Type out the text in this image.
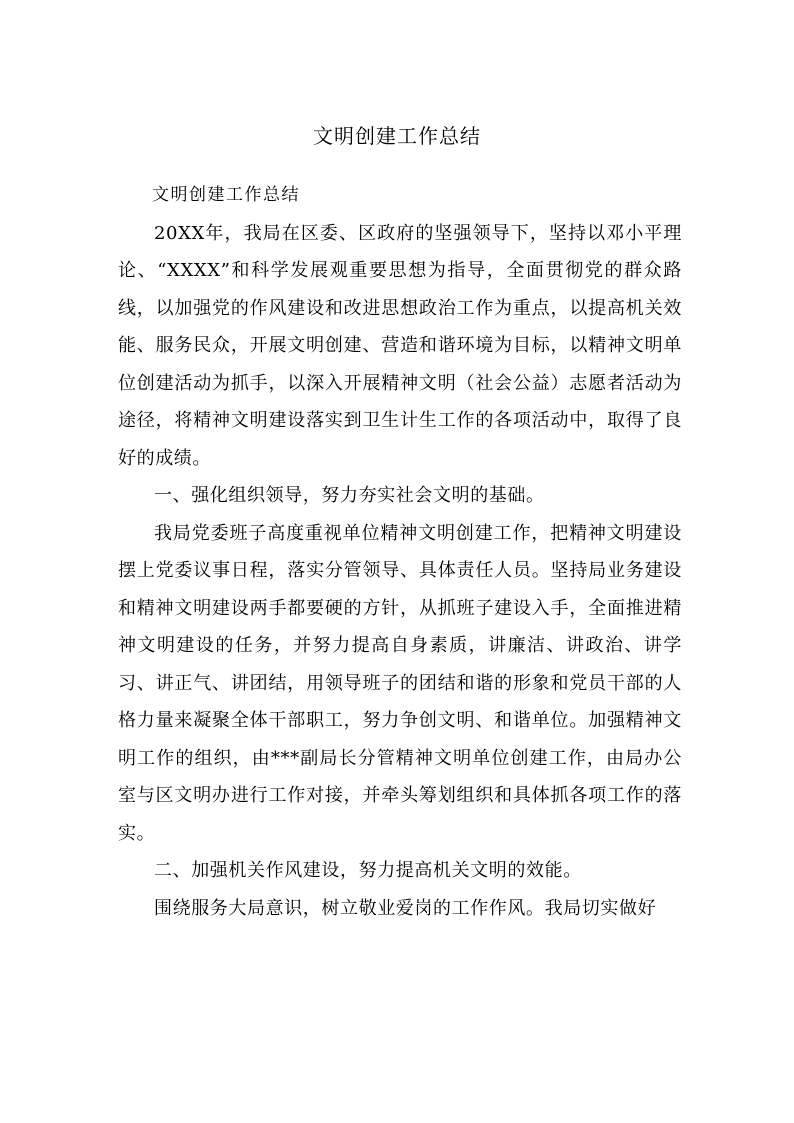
文明创建工作总结

文明创建工作总结

20XX年，我局在区委、区政府的坚强领导下，坚持以邓小平理论、“XXXX”和科学发展观重要思想为指导，全面贯彻党的群众路线，以加强党的作风建设和改进思想政治工作为重点，以提高机关效能、服务民众，开展文明创建、营造和谐环境为目标，以精神文明单位创建活动为抓手，以深入开展精神文明（社会公益）志愿者活动为途径，将精神文明建设落实到卫生计生工作的各项活动中，取得了良好的成绩。

一、强化组织领导，努力夯实社会文明的基础。

我局党委班子高度重视单位精神文明创建工作，把精神文明建设摆上党委议事日程，落实分管领导、具体责任人员。坚持局业务建设和精神文明建设两手都要硬的方针，从抓班子建设入手，全面推进精神文明建设的任务，并努力提高自身素质，讲廉洁、讲政治、讲学习、讲正气、讲团结，用领导班子的团结和谐的形象和党员干部的人格力量来凝聚全体干部职工，努力争创文明、和谐单位。加强精神文明工作的组织，由***副局长分管精神文明单位创建工作，由局办公室与区文明办进行工作对接，并牵头筹划组织和具体抓各项工作的落实。

二、加强机关作风建设，努力提高机关文明的效能。

围绕服务大局意识，树立敬业爱岗的工作作风。我局切实做好
